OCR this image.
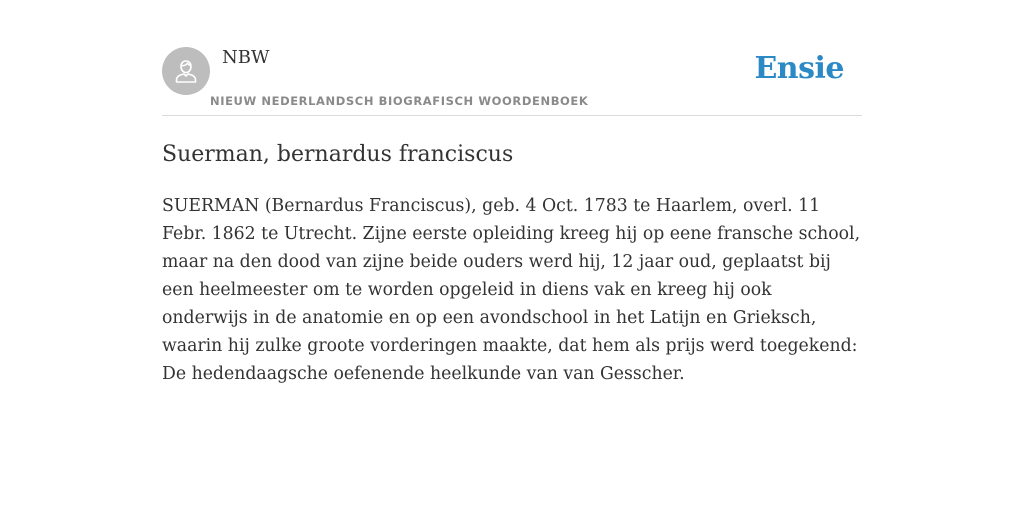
NBW
NIEUW NEDERLANDSCH BIOGRAFISCH WOORDENBOEK
Ensie
Suerman, bernardus franciscus

SUERMAN (Bernardus Franciscus), geb. 4 Oct. 1783 te Haarlem, overl. 11 Febr. 1862 te Utrecht. Zijne eerste opleiding kreeg hij op eene fransche school, maar na den dood van zijne beide ouders werd hij, 12 jaar oud, geplaatst bij een heelmeester om te worden opgeleid in diens vak en kreeg hij ook onderwijs in de anatomie en op een avondschool in het Latijn en Grieksch, waarin hij zulke groote vorderingen maakte, dat hem als prijs werd toegekend: De hedendaagsche oefenende heelkunde van van Gesscher.
